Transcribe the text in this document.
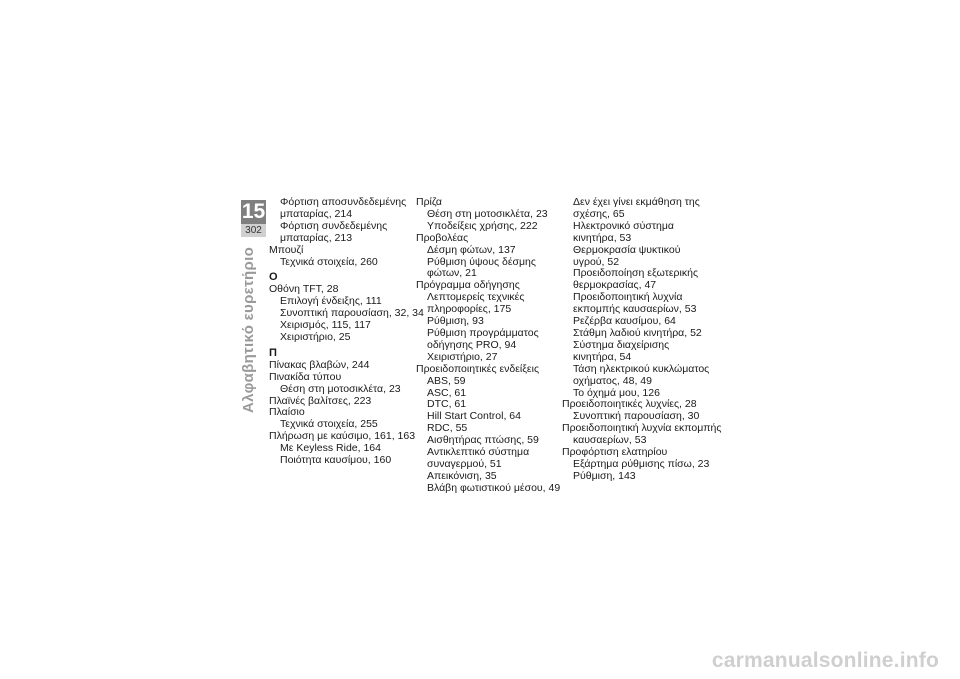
15
302
Αλφαβητικό ευρετήριο
Φόρτιση αποσυνδεδεμένης
μπαταρίας, 214
Φόρτιση συνδεδεμένης
μπαταρίας, 213
Μπουζί
Τεχνικά στοιχεία, 260
Ο
Οθόνη TFT, 28
Επιλογή ένδειξης, 111
Συνοπτική παρουσίαση, 32, 34
Χειρισμός, 115, 117
Χειριστήριο, 25
Π
Πίνακας βλαβών, 244
Πινακίδα τύπου
Θέση στη μοτοσικλέτα, 23
Πλαϊνές βαλίτσες, 223
Πλαίσιο
Τεχνικά στοιχεία, 255
Πλήρωση με καύσιμο, 161, 163
Με Keyless Ride, 164
Ποιότητα καυσίμου, 160
Πρίζα
Θέση στη μοτοσικλέτα, 23
Υποδείξεις χρήσης, 222
Προβολέας
Δέσμη φώτων, 137
Ρύθμιση ύψους δέσμης
φώτων, 21
Πρόγραμμα οδήγησης
Λεπτομερείς τεχνικές
πληροφορίες, 175
Ρύθμιση, 93
Ρύθμιση προγράμματος
οδήγησης PRO, 94
Χειριστήριο, 27
Προειδοποιητικές ενδείξεις
ABS, 59
ASC, 61
DTC, 61
Hill Start Control, 64
RDC, 55
Αισθητήρας πτώσης, 59
Αντικλεπτικό σύστημα
συναγερμού, 51
Απεικόνιση, 35
Βλάβη φωτιστικού μέσου, 49
Δεν έχει γίνει εκμάθηση της
σχέσης, 65
Ηλεκτρονικό σύστημα
κινητήρα, 53
Θερμοκρασία ψυκτικού
υγρού, 52
Προειδοποίηση εξωτερικής
θερμοκρασίας, 47
Προειδοποιητική λυχνία
εκπομπής καυσαερίων, 53
Ρεζέρβα καυσίμου, 64
Στάθμη λαδιού κινητήρα, 52
Σύστημα διαχείρισης
κινητήρα, 54
Τάση ηλεκτρικού κυκλώματος
οχήματος, 48, 49
Το όχημά μου, 126
Προειδοποιητικές λυχνίες, 28
Συνοπτική παρουσίαση, 30
Προειδοποιητική λυχνία εκπομπής
καυσαερίων, 53
Προφόρτιση ελατηρίου
Εξάρτημα ρύθμισης πίσω, 23
Ρύθμιση, 143
carmanualsonline.info
